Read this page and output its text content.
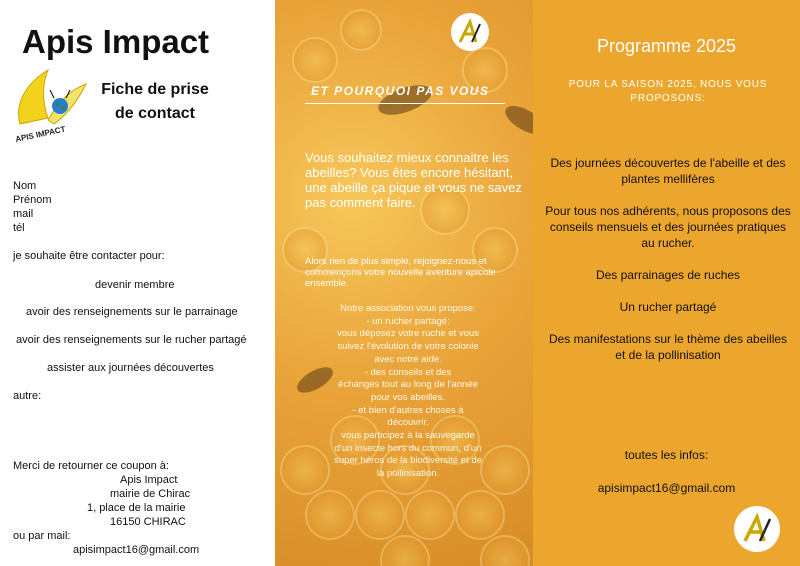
Apis Impact
APIS IMPACT
Fiche de prise de contact
Nom
Prénom
mail
tél
je souhaite être contacter pour:
devenir membre
avoir des renseignements sur le parrainage
avoir des renseignements sur le rucher partagé
assister aux journées découvertes
autre:
Merci de retourner ce coupon à:
Apis Impact
mairie de Chirac
1, place de la mairie
16150 CHIRAC
ou par mail:
apisimpact16@gmail.com
ET POURQUOI PAS VOUS
Vous souhaitez mieux connaitre les abeilles? Vous êtes encore hésitant, une abeille ça pique et vous ne savez pas comment faire.
Alors rien de plus simple, rejoignez-nous et commençons votre nouvelle aventure apicole ensemble.
Notre association vous propose:
- un rucher partagé:
vous déposez votre ruche et vous
suivez l'évolution de votre colonie
avec notre aide.
- des conseils et des
échanges tout au long de l'année
pour vos abeilles.
- et bien d'autres choses à
découvrir.
vous participez à la sauvegarde
d'un insecte hors du commun, d'un
super héros de la biodiversité et de
la pollinisation.
Programme 2025
POUR LA SAISON 2025, NOUS VOUS PROPOSONS:
Des journées découvertes de l'abeille et des plantes mellifères
Pour tous nos adhérents, nous proposons des conseils mensuels et des journées pratiques au rucher.
Des parrainages de ruches
Un rucher partagé
Des manifestations sur le thème des abeilles et de la pollinisation
toutes les infos:
apisimpact16@gmail.com
